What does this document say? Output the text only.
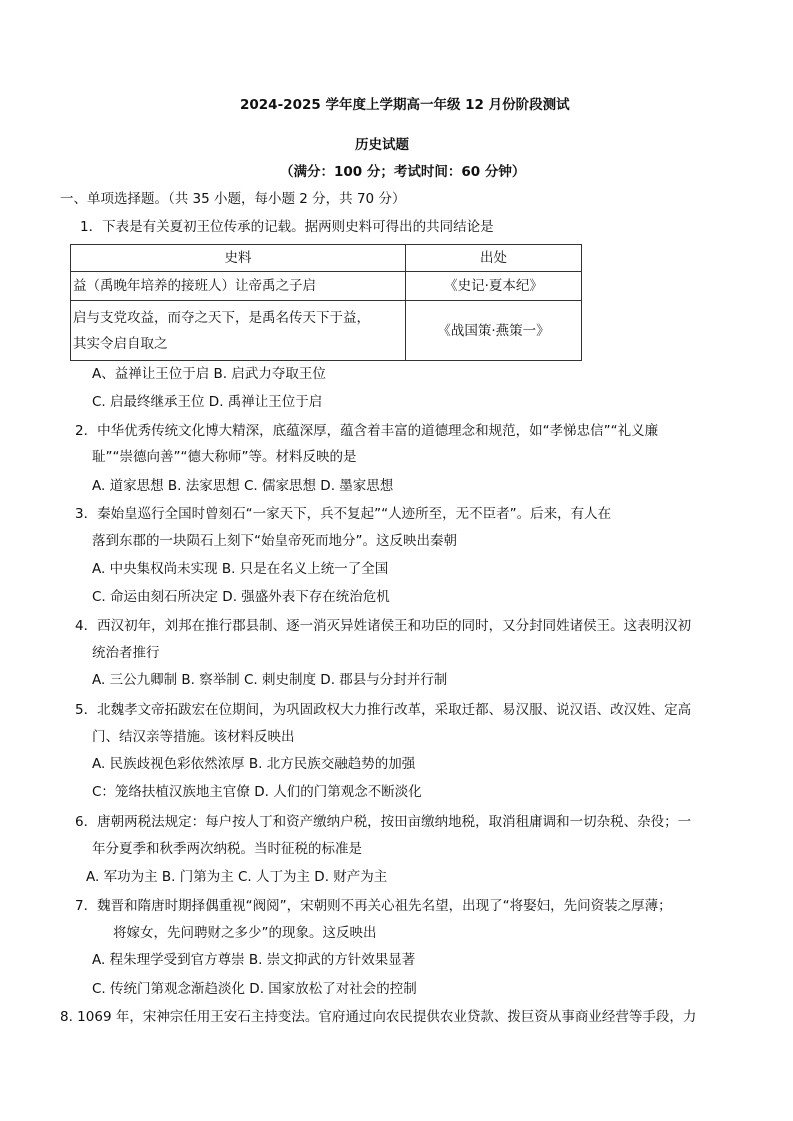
2024-2025 学年度上学期高一年级 12 月份阶段测试
历史试题
（满分：100 分；考试时间：60 分钟）
一、单项选择题。（共 35 小题，每小题 2 分，共 70 分）
1．下表是有关夏初王位传承的记载。据两则史料可得出的共同结论是
史料	出处
益（禹晚年培养的接班人）让帝禹之子启	《史记·夏本纪》

启与支党攻益，而夺之天下，是禹名传天下于益，
其实令启自取之	《战国策·燕策一》
A、益禅让王位于启 B. 启武力夺取王位
C. 启最终继承王位 D. 禹禅让王位于启
2．中华优秀传统文化博大精深，底蕴深厚，蕴含着丰富的道德理念和规范，如“孝悌忠信”“礼义廉
耻”“崇德向善”“德大称师”等。材料反映的是
A. 道家思想 B. 法家思想 C. 儒家思想 D. 墨家思想
3．秦始皇巡行全国时曾刻石“一家天下，兵不复起”“人迹所至，无不臣者”。后来，有人在
落到东郡的一块陨石上刻下“始皇帝死而地分”。这反映出秦朝
A. 中央集权尚未实现 B. 只是在名义上统一了全国
C. 命运由刻石所决定 D. 强盛外表下存在统治危机
4．西汉初年，刘邦在推行郡县制、逐一消灭异姓诸侯王和功臣的同时，又分封同姓诸侯王。这表明汉初
统治者推行
A. 三公九卿制 B. 察举制 C. 刺史制度 D. 郡县与分封并行制
5．北魏孝文帝拓跋宏在位期间，为巩固政权大力推行改革，采取迁都、易汉服、说汉语、改汉姓、定高
门、结汉亲等措施。该材料反映出
A. 民族歧视色彩依然浓厚 B. 北方民族交融趋势的加强
C：笼络扶植汉族地主官僚 D. 人们的门第观念不断淡化
6．唐朝两税法规定：每户按人丁和资产缴纳户税，按田亩缴纳地税，取消租庸调和一切杂税、杂役；一
年分夏季和秋季两次纳税。当时征税的标准是
A. 军功为主 B. 门第为主 C. 人丁为主 D. 财产为主
7．魏晋和隋唐时期择偶重视“阀阅”，宋朝则不再关心祖先名望，出现了“将娶妇，先问资装之厚薄；
将嫁女，先问聘财之多少”的现象。这反映出
A. 程朱理学受到官方尊崇 B. 崇文抑武的方针效果显著
C. 传统门第观念渐趋淡化 D. 国家放松了对社会的控制
8. 1069 年，宋神宗任用王安石主持变法。官府通过向农民提供农业贷款、拨巨资从事商业经营等手段，力
